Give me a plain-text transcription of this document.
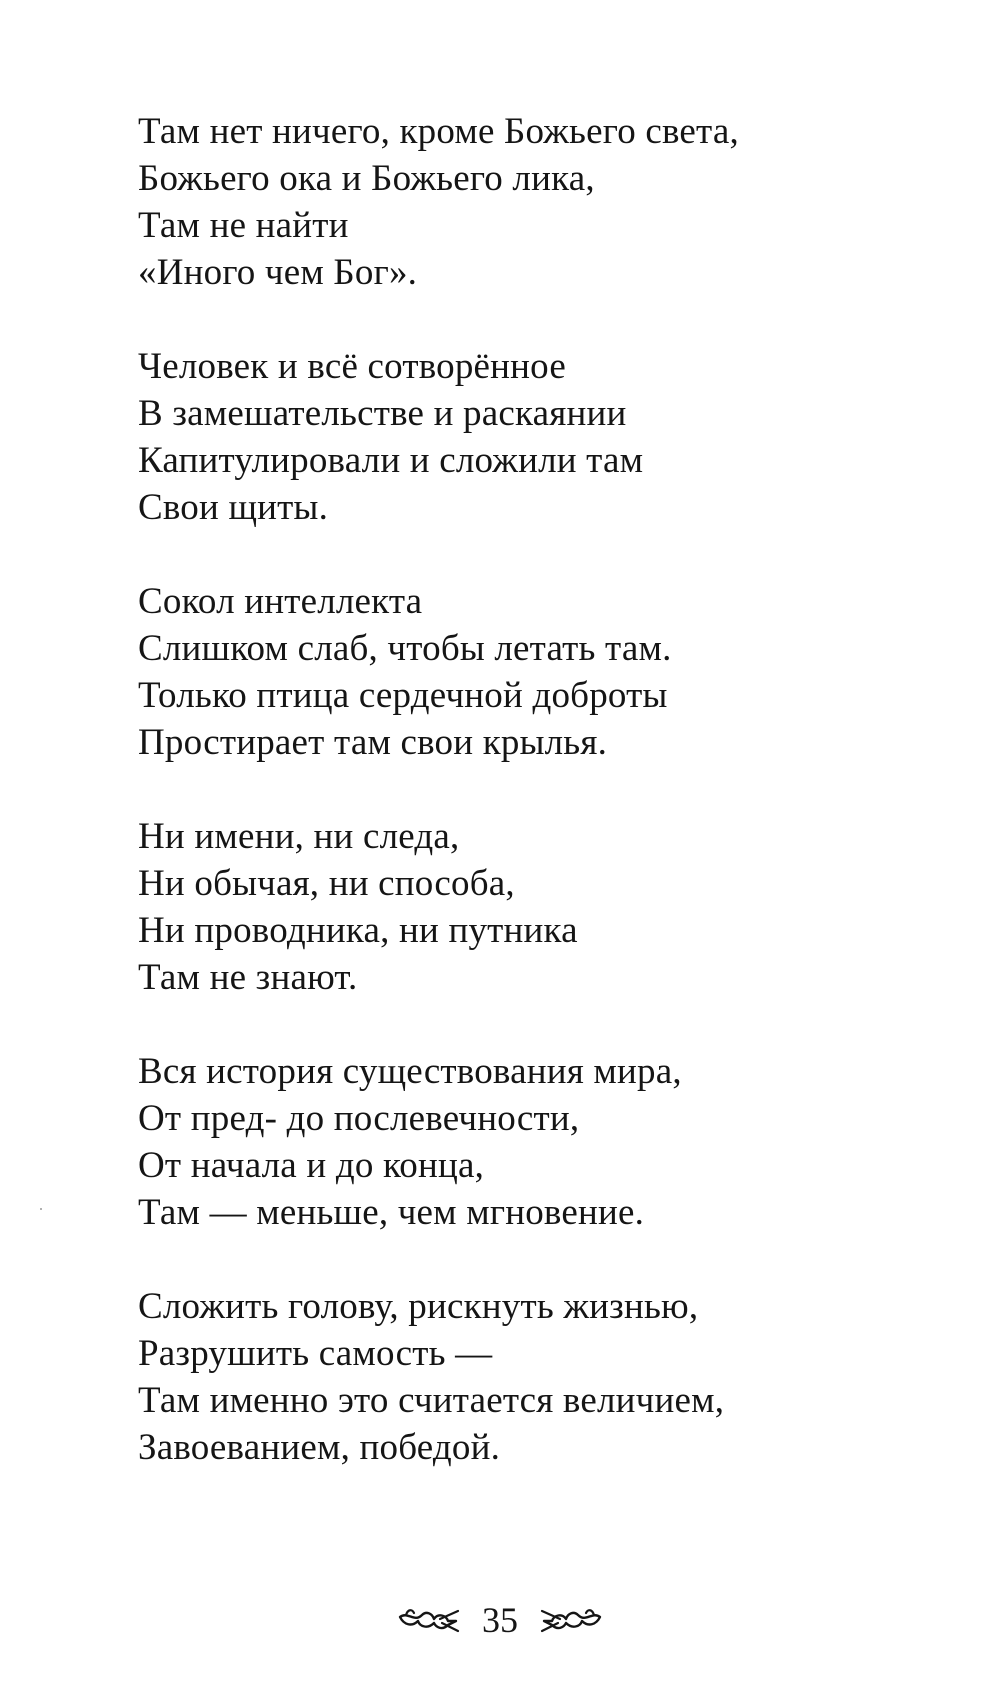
Там нет ничего, кроме Божьего света,
Божьего ока и Божьего лика,
Там не найти
«Иного чем Бог».
Человек и всё сотворённое
В замешательстве и раскаянии
Капитулировали и сложили там
Свои щиты.
Сокол интеллекта
Слишком слаб, чтобы летать там.
Только птица сердечной доброты
Простирает там свои крылья.
Ни имени, ни следа,
Ни обычая, ни способа,
Ни проводника, ни путника
Там не знают.
Вся история существования мира,
От пред- до послевечности,
От начала и до конца,
Там — меньше, чем мгновение.
Сложить голову, рискнуть жизнью,
Разрушить самость —
Там именно это считается величием,
Завоеванием, победой.
35
